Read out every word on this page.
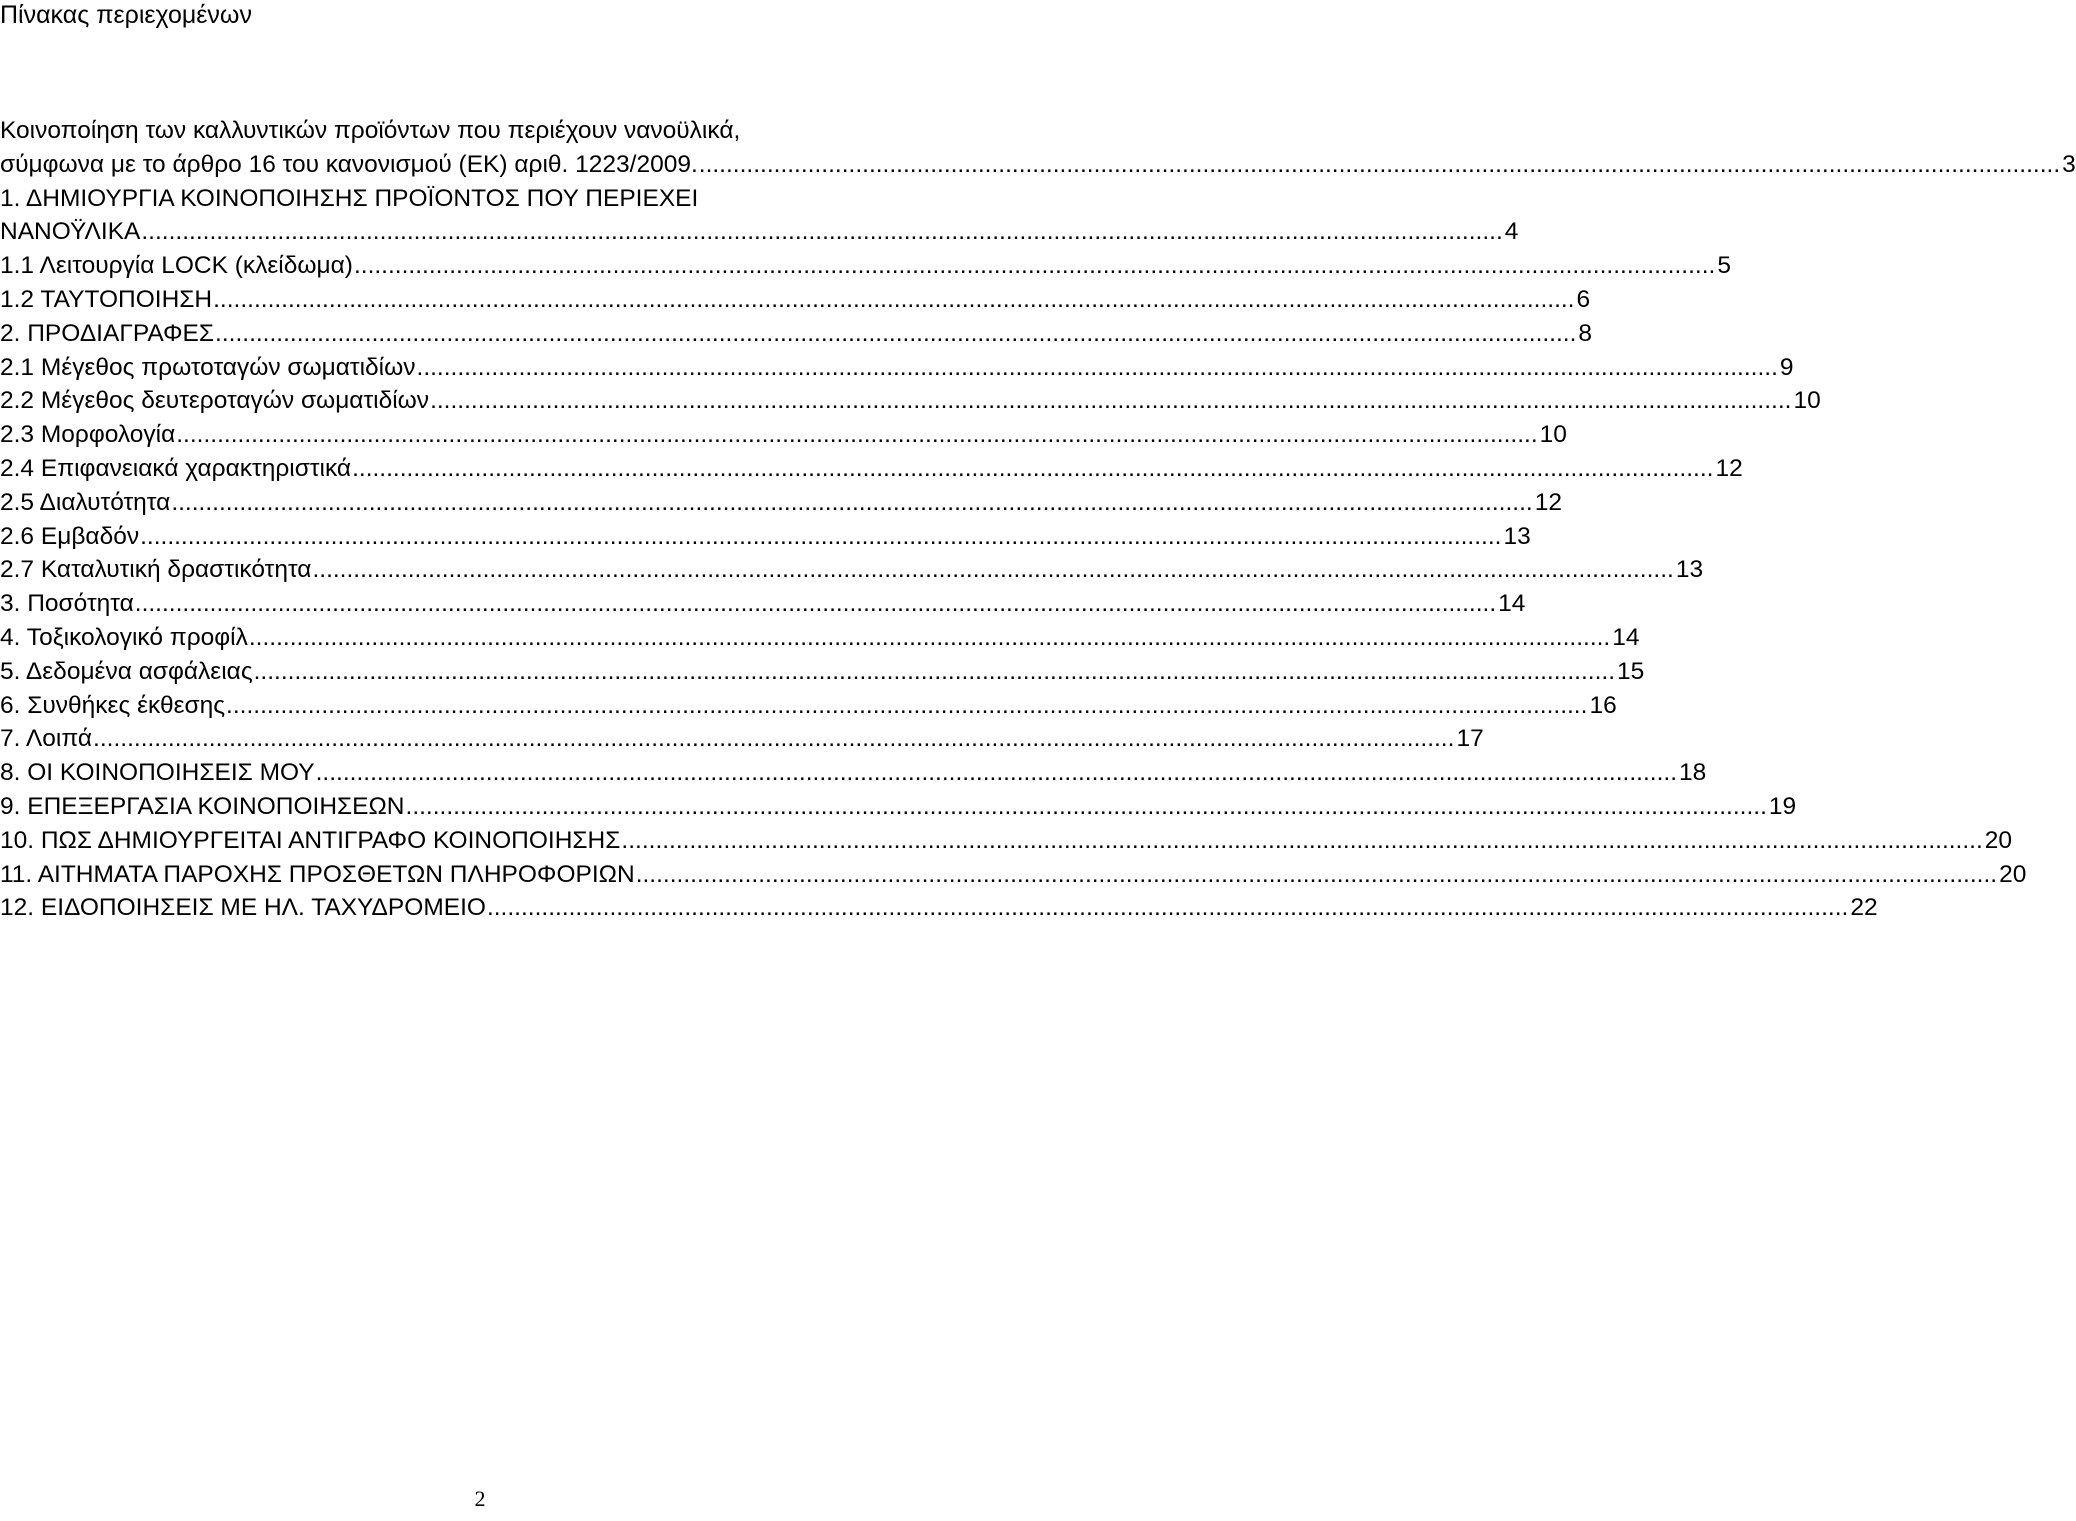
Πίνακας περιεχομένων
Κοινοποίηση των καλλυντικών προϊόντων που περιέχουν νανοϋλικά,
σύμφωνα με το άρθρο 16 του κανονισμού (ΕΚ) αριθ. 1223/2009. ........................................................................................................................................................................................................ 3
1. ΔΗΜΙΟΥΡΓΙΑ ΚΟΙΝΟΠΟΙΗΣΗΣ ΠΡΟΪΟΝΤΟΣ ΠΟΥ ΠΕΡΙΕΧΕΙ
ΝΑΝΟΫΛΙΚΑ ........................................................................................................................................................................................................ 4
1.1 Λειτουργία LOCK (κλείδωμα) ........................................................................................................................................................................................................ 5
1.2 ΤΑΥΤΟΠΟΙΗΣΗ ........................................................................................................................................................................................................ 6
2. ΠΡΟΔΙΑΓΡΑΦΕΣ ........................................................................................................................................................................................................ 8
2.1 Μέγεθος πρωτοταγών σωματιδίων ........................................................................................................................................................................................................ 9
2.2 Μέγεθος δευτεροταγών σωματιδίων ........................................................................................................................................................................................................ 10
2.3 Μορφολογία ........................................................................................................................................................................................................ 10
2.4 Επιφανειακά χαρακτηριστικά ........................................................................................................................................................................................................ 12
2.5 Διαλυτότητα ........................................................................................................................................................................................................ 12
2.6 Εμβαδόν ........................................................................................................................................................................................................ 13
2.7 Καταλυτική δραστικότητα ........................................................................................................................................................................................................ 13
3. Ποσότητα ........................................................................................................................................................................................................ 14
4. Τοξικολογικό προφίλ ........................................................................................................................................................................................................ 14
5. Δεδομένα ασφάλειας ........................................................................................................................................................................................................ 15
6. Συνθήκες έκθεσης ........................................................................................................................................................................................................ 16
7. Λοιπά ........................................................................................................................................................................................................ 17
8. ΟΙ ΚΟΙΝΟΠΟΙΗΣΕΙΣ ΜΟΥ ........................................................................................................................................................................................................ 18
9. ΕΠΕΞΕΡΓΑΣΙΑ ΚΟΙΝΟΠΟΙΗΣΕΩΝ ........................................................................................................................................................................................................ 19
10. ΠΩΣ ΔΗΜΙΟΥΡΓΕΙΤΑΙ ΑΝΤΙΓΡΑΦΟ ΚΟΙΝΟΠΟΙΗΣΗΣ ........................................................................................................................................................................................................ 20
11. ΑΙΤΗΜΑΤΑ ΠΑΡΟΧΗΣ ΠΡΟΣΘΕΤΩΝ ΠΛΗΡΟΦΟΡΙΩΝ ........................................................................................................................................................................................................ 20
12. ΕΙΔΟΠΟΙΗΣΕΙΣ ΜΕ ΗΛ. ΤΑΧΥΔΡΟΜΕΙΟ ........................................................................................................................................................................................................ 22
2
